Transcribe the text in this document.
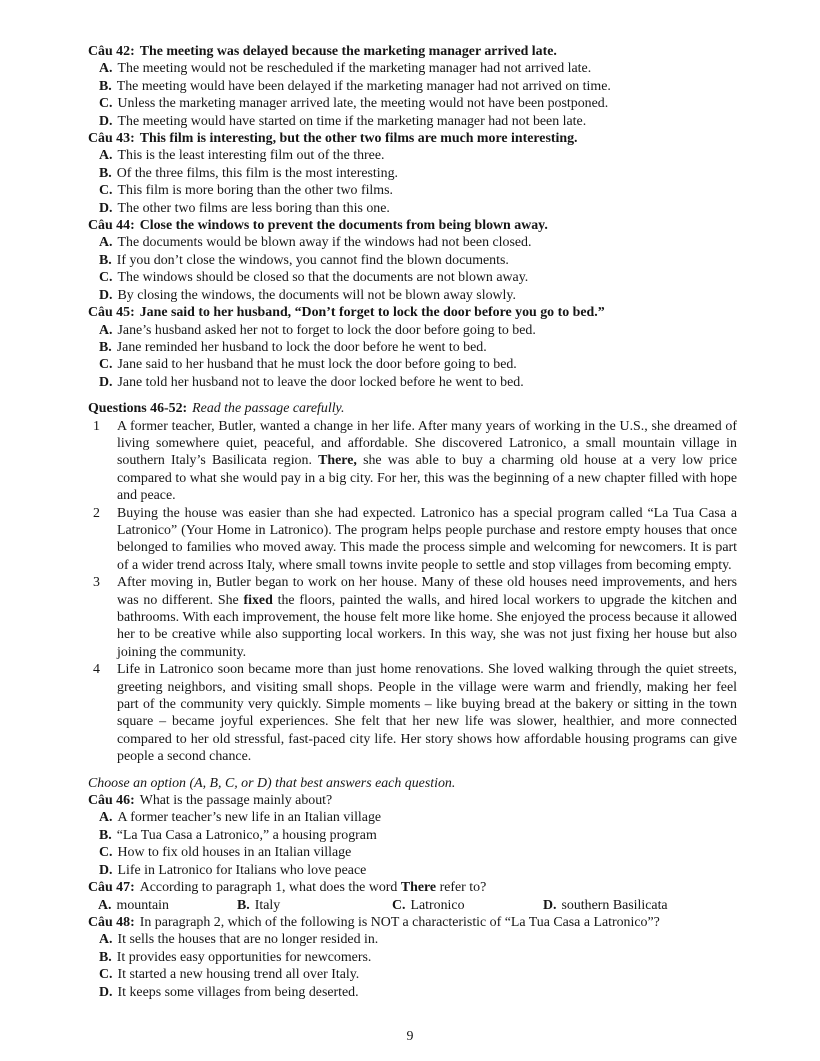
Câu 42: The meeting was delayed because the marketing manager arrived late.
A. The meeting would not be rescheduled if the marketing manager had not arrived late.
B. The meeting would have been delayed if the marketing manager had not arrived on time.
C. Unless the marketing manager arrived late, the meeting would not have been postponed.
D. The meeting would have started on time if the marketing manager had not been late.
Câu 43: This film is interesting, but the other two films are much more interesting.
A. This is the least interesting film out of the three.
B. Of the three films, this film is the most interesting.
C. This film is more boring than the other two films.
D. The other two films are less boring than this one.
Câu 44: Close the windows to prevent the documents from being blown away.
A. The documents would be blown away if the windows had not been closed.
B. If you don’t close the windows, you cannot find the blown documents.
C. The windows should be closed so that the documents are not blown away.
D. By closing the windows, the documents will not be blown away slowly.
Câu 45: Jane said to her husband, “Don’t forget to lock the door before you go to bed.”
A. Jane’s husband asked her not to forget to lock the door before going to bed.
B. Jane reminded her husband to lock the door before he went to bed.
C. Jane said to her husband that he must lock the door before going to bed.
D. Jane told her husband not to leave the door locked before he went to bed.
Questions 46-52: Read the passage carefully.
1	A former teacher, Butler, wanted a change in her life. After many years of working in the U.S., she dreamed of living somewhere quiet, peaceful, and affordable. She discovered Latronico, a small mountain village in southern Italy’s Basilicata region. There, she was able to buy a charming old house at a very low price compared to what she would pay in a big city. For her, this was the beginning of a new chapter filled with hope and peace.
2	Buying the house was easier than she had expected. Latronico has a special program called “La Tua Casa a Latronico” (Your Home in Latronico). The program helps people purchase and restore empty houses that once belonged to families who moved away. This made the process simple and welcoming for newcomers. It is part of a wider trend across Italy, where small towns invite people to settle and stop villages from becoming empty.
3	After moving in, Butler began to work on her house. Many of these old houses need improvements, and hers was no different. She fixed the floors, painted the walls, and hired local workers to upgrade the kitchen and bathrooms. With each improvement, the house felt more like home. She enjoyed the process because it allowed her to be creative while also supporting local workers. In this way, she was not just fixing her house but also joining the community.
4	Life in Latronico soon became more than just home renovations. She loved walking through the quiet streets, greeting neighbors, and visiting small shops. People in the village were warm and friendly, making her feel part of the community very quickly. Simple moments – like buying bread at the bakery or sitting in the town square – became joyful experiences. She felt that her new life was slower, healthier, and more connected compared to her old stressful, fast-paced city life. Her story shows how affordable housing programs can give people a second chance.
Choose an option (A, B, C, or D) that best answers each question.
Câu 46: What is the passage mainly about?
A. A former teacher’s new life in an Italian village
B. “La Tua Casa a Latronico,” a housing program
C. How to fix old houses in an Italian village
D. Life in Latronico for Italians who love peace
Câu 47: According to paragraph 1, what does the word There refer to?
A. mountain	B. Italy	C. Latronico	D. southern Basilicata
Câu 48: In paragraph 2, which of the following is NOT a characteristic of “La Tua Casa a Latronico”?
A. It sells the houses that are no longer resided in.
B. It provides easy opportunities for newcomers.
C. It started a new housing trend all over Italy.
D. It keeps some villages from being deserted.
9
